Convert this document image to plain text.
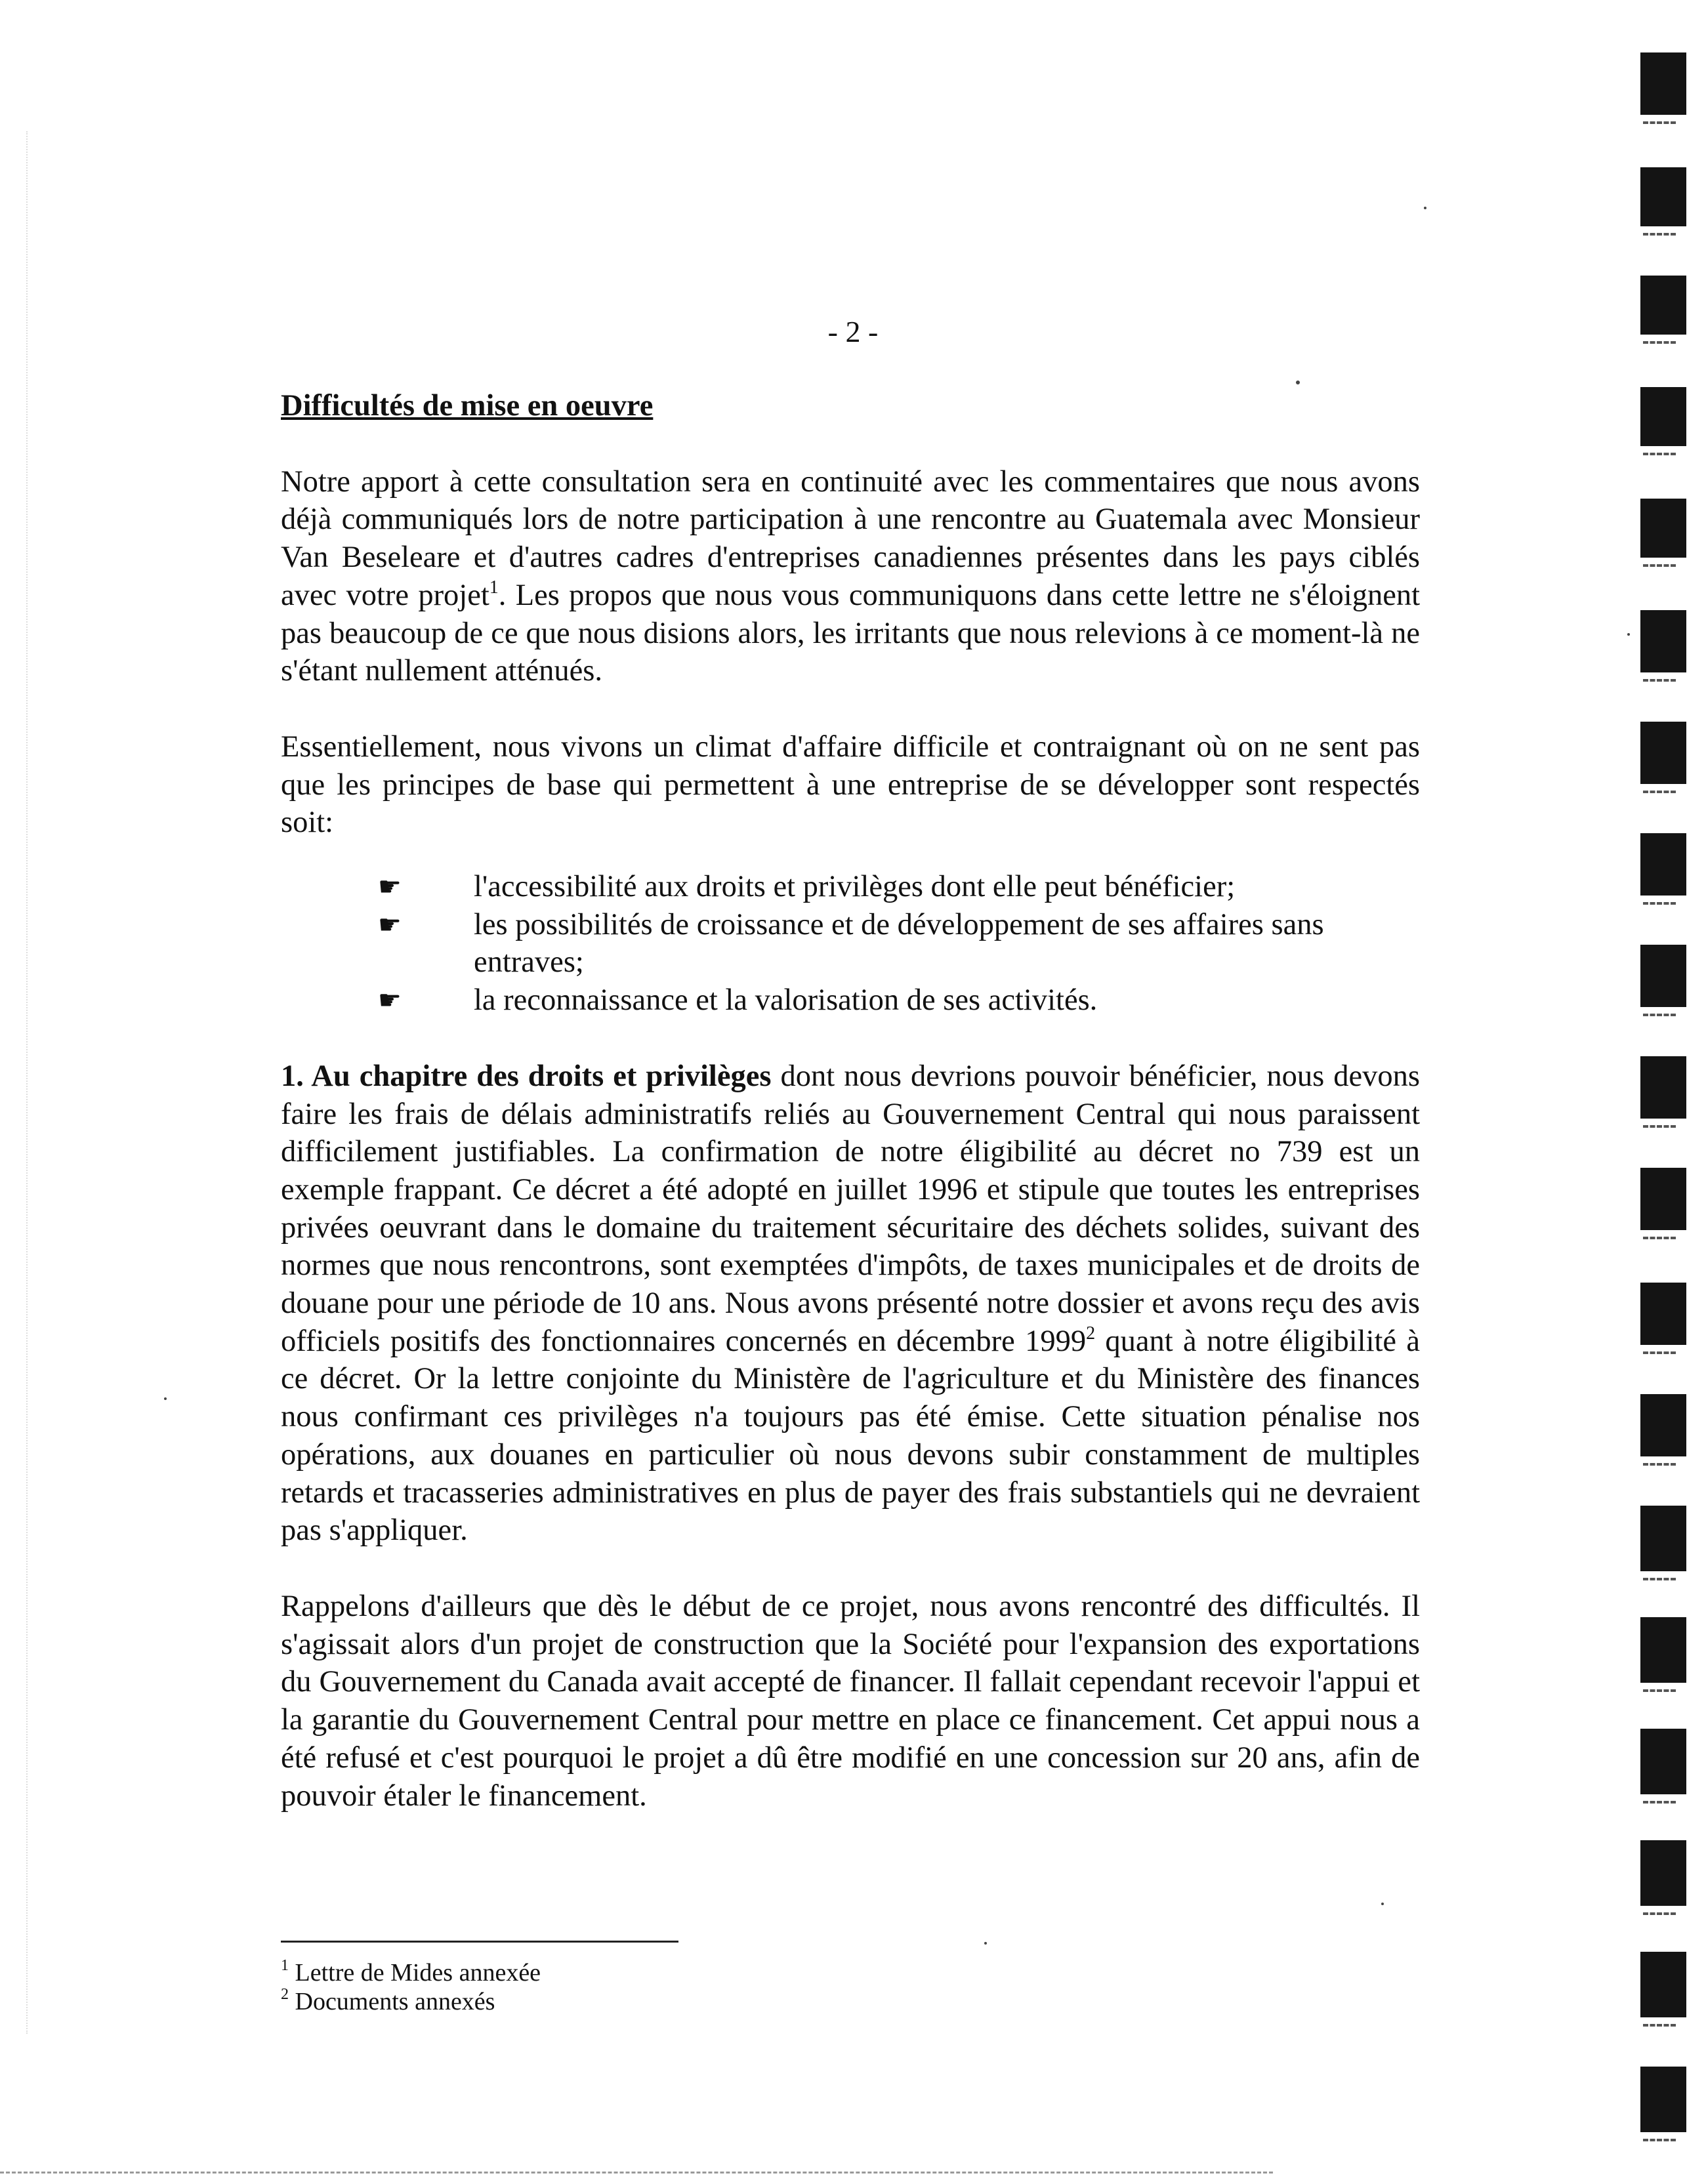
- 2 -

Difficultés de mise en oeuvre

Notre apport à cette consultation sera en continuité avec les commentaires que nous avons déjà communiqués lors de notre participation à une rencontre au Guatemala avec Monsieur Van Beseleare et d'autres cadres d'entreprises canadiennes présentes dans les pays ciblés avec votre projet$^1$. Les propos que nous vous communiquons dans cette lettre ne s'éloignent pas beaucoup de ce que nous disions alors, les irritants que nous relevions à ce moment-là ne s'étant nullement atténués.

Essentiellement, nous vivons un climat d'affaire difficile et contraignant où on ne sent pas que les principes de base qui permettent à une entreprise de se développer sont respectés soit:

☛ l'accessibilité aux droits et privilèges dont elle peut bénéficier;
☛ les possibilités de croissance et de développement de ses affaires sans entraves;
☛ la reconnaissance et la valorisation de ses activités.

1. Au chapitre des droits et privilèges dont nous devrions pouvoir bénéficier, nous devons faire les frais de délais administratifs reliés au Gouvernement Central qui nous paraissent difficilement justifiables. La confirmation de notre éligibilité au décret no 739 est un exemple frappant. Ce décret a été adopté en juillet 1996 et stipule que toutes les entreprises privées oeuvrant dans le domaine du traitement sécuritaire des déchets solides, suivant des normes que nous rencontrons, sont exemptées d'impôts, de taxes municipales et de droits de douane pour une période de 10 ans. Nous avons présenté notre dossier et avons reçu des avis officiels positifs des fonctionnaires concernés en décembre 1999$^2$ quant à notre éligibilité à ce décret. Or la lettre conjointe du Ministère de l'agriculture et du Ministère des finances nous confirmant ces privilèges n'a toujours pas été émise. Cette situation pénalise nos opérations, aux douanes en particulier où nous devons subir constamment de multiples retards et tracasseries administratives en plus de payer des frais substantiels qui ne devraient pas s'appliquer.

Rappelons d'ailleurs que dès le début de ce projet, nous avons rencontré des difficultés. Il s'agissait alors d'un projet de construction que la Société pour l'expansion des exportations du Gouvernement du Canada avait accepté de financer. Il fallait cependant recevoir l'appui et la garantie du Gouvernement Central pour mettre en place ce financement. Cet appui nous a été refusé et c'est pourquoi le projet a dû être modifié en une concession sur 20 ans, afin de pouvoir étaler le financement.

$^1$ Lettre de Mides annexée
$^2$ Documents annexés
